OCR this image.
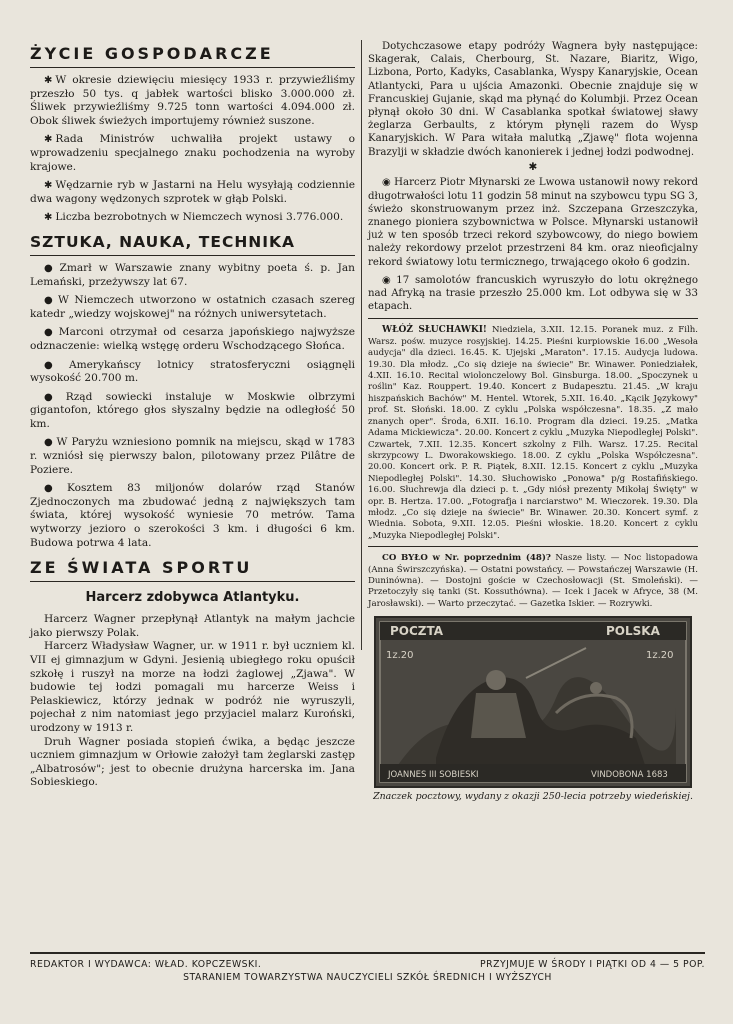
ŻYCIE GOSPODARCZE

✱ W okresie dziewięciu miesięcy 1933 r. przywieźliśmy przeszło 50 tys. q jabłek wartości blisko 3.000.000 zł. Śliwek przywieźliśmy 9.725 tonn wartości 4.094.000 zł. Obok śliwek świeżych importujemy również suszone.

✱ Rada Ministrów uchwaliła projekt ustawy o wprowadzeniu specjalnego znaku pochodzenia na wyroby krajowe.

✱ Wędzarnie ryb w Jastarni na Helu wysyłają codziennie dwa wagony wędzonych szprotek w głąb Polski.

✱ Liczba bezrobotnych w Niemczech wynosi 3.776.000.

SZTUKA, NAUKA, TECHNIKA

● Zmarł w Warszawie znany wybitny poeta ś. p. Jan Lemański, przeżywszy lat 67.

● W Niemczech utworzono w ostatnich czasach szereg katedr „wiedzy wojskowej" na różnych uniwersytetach.

● Marconi otrzymał od cesarza japońskiego najwyższe odznaczenie: wielką wstęgę orderu Wschodzącego Słońca.

● Amerykańscy lotnicy stratosferyczni osiągnęli wysokość 20.700 m.

● Rząd sowiecki instaluje w Moskwie olbrzymi gigantofon, którego głos słyszalny będzie na odległość 50 km.

● W Paryżu wzniesiono pomnik na miejscu, skąd w 1783 r. wzniósł się pierwszy balon, pilotowany przez Pilâtre de Poziere.

● Kosztem 83 miljonów dolarów rząd Stanów Zjednoczonych ma zbudować jedną z największych tam świata, której wysokość wyniesie 70 metrów. Tama wytworzy jezioro o szerokości 3 km. i długości 6 km. Budowa potrwa 4 lata.

ZE ŚWIATA SPORTU
Harcerz zdobywca Atlantyku.

Harcerz Wagner przepłynął Atlantyk na małym jachcie jako pierwszy Polak.

Harcerz Władysław Wagner, ur. w 1911 r. był uczniem kl. VII ej gimnazjum w Gdyni. Jesienią ubiegłego roku opuścił szkołę i ruszył na morze na łodzi żaglowej „Zjawa". W budowie tej łodzi pomagali mu harcerze Weiss i Pelaskiewicz, którzy jednak w podróż nie wyruszyli, pojechał z nim natomiast jego przyjaciel malarz Kuroński, urodzony w 1913 r.

Druh Wagner posiada stopień ćwika, a będąc jeszcze uczniem gimnazjum w Orłowie założył tam żeglarski zastęp „Albatrosów"; jest to obecnie drużyna harcerska im. Jana Sobieskiego.

Dotychczasowe etapy podróży Wagnera były następujące: Skagerak, Calais, Cherbourg, St. Nazare, Biaritz, Wigo, Lizbona, Porto, Kadyks, Casablanka, Wyspy Kanaryjskie, Ocean Atlantycki, Para u ujścia Amazonki. Obecnie znajduje się w Francuskiej Gujanie, skąd ma płynąć do Kolumbji. Przez Ocean płynął około 30 dni. W Casablanka spotkał światowej sławy żeglarza Gerbaults, z którym płynęli razem do Wysp Kanaryjskich. W Para witała malutką „Zjawę" flota wojenna Brazylji w składzie dwóch kanonierek i jednej łodzi podwodnej.

✱

◉ Harcerz Piotr Młynarski ze Lwowa ustanowił nowy rekord długotrwałości lotu 11 godzin 58 minut na szybowcu typu SG 3, świeżo skonstruowanym przez inż. Szczepana Grzeszczyka, znanego pioniera szybownictwa w Polsce. Młynarski ustanowił już w ten sposób trzeci rekord szybowcowy, do niego bowiem należy rekordowy przelot przestrzeni 84 km. oraz nieoficjalny rekord światowy lotu termicznego, trwającego około 6 godzin.

◉ 17 samolotów francuskich wyruszyło do lotu okrężnego nad Afryką na trasie przeszło 25.000 km. Lot odbywa się w 33 etapach.

WŁÓŻ SŁUCHAWKI! Niedziela, 3.XII. 12.15. Poranek muz. z Filh. Warsz. pośw. muzyce rosyjskiej. 14.25. Pieśni kurpiowskie 16.00 „Wesoła audycja" dla dzieci. 16.45. K. Ujejski „Maraton". 17.15. Audycja ludowa. 19.30. Dla młodz. „Co się dzieje na świecie" Br. Winawer. Poniedziałek, 4.XII. 16.10. Recital wiolonczelowy Bol. Ginsburga. 18.00. „Spoczynek u roślin" Kaz. Rouppert. 19.40. Koncert z Budapesztu. 21.45. „W kraju hiszpańskich Bachów" M. Hentel. Wtorek, 5.XII. 16.40. „Kącik Językowy" prof. St. Słoński. 18.00. Z cyklu „Polska współczesna". 18.35. „Z mało znanych oper". Środa, 6.XII. 16.10. Program dla dzieci. 19.25. „Matka Adama Mickiewicza". 20.00. Koncert z cyklu „Muzyka Niepodległej Polski". Czwartek, 7.XII. 12.35. Koncert szkolny z Filh. Warsz. 17.25. Recital skrzypcowy L. Dworakowskiego. 18.00. Z cyklu „Polska Współczesna". 20.00. Koncert ork. P. R. Piątek, 8.XII. 12.15. Koncert z cyklu „Muzyka Niepodległej Polski". 14.30. Słuchowisko „Ponowa" p/g Rostafińskiego. 16.00. Słuchrewja dla dzieci p. t. „Gdy niósł prezenty Mikołaj Święty" w opr. B. Hertza. 17.00. „Fotografja i narciarstwo" M. Wieczorek. 19.30. Dla młodz. „Co się dzieje na świecie" Br. Winawer. 20.30. Koncert symf. z Wiednia. Sobota, 9.XII. 12.05. Pieśni włoskie. 18.20. Koncert z cyklu „Muzyka Niepodległej Polski".

CO BYŁO w Nr. poprzednim (48)? Nasze listy. — Noc listopadowa (Anna Świrszczyńska). — Ostatni powstańcy. — Powstańczej Warszawie (H. Duninówna). — Dostojni goście w Czechosłowacji (St. Smoleński). — Przetoczyły się tanki (St. Kossuthówna). — Icek i Jacek w Afryce, 38 (M. Jarosławski). — Warto przeczytać. — Gazetka Iskier. — Rozrywki.

POCZTA	POLSKA
1z.20	1z.20
JOANNES III SOBIESKI	VINDOBONA 1683
Znaczek pocztowy, wydany z okazji 250-lecia potrzeby wiedeńskiej.
REDAKTOR I WYDAWCA: WŁAD. KOPCZEWSKI.	PRZYJMUJE W ŚRODY I PIĄTKI OD 4 — 5 POP.
STARANIEM TOWARZYSTWA NAUCZYCIELI SZKÓŁ ŚREDNICH I WYŻSZYCH
